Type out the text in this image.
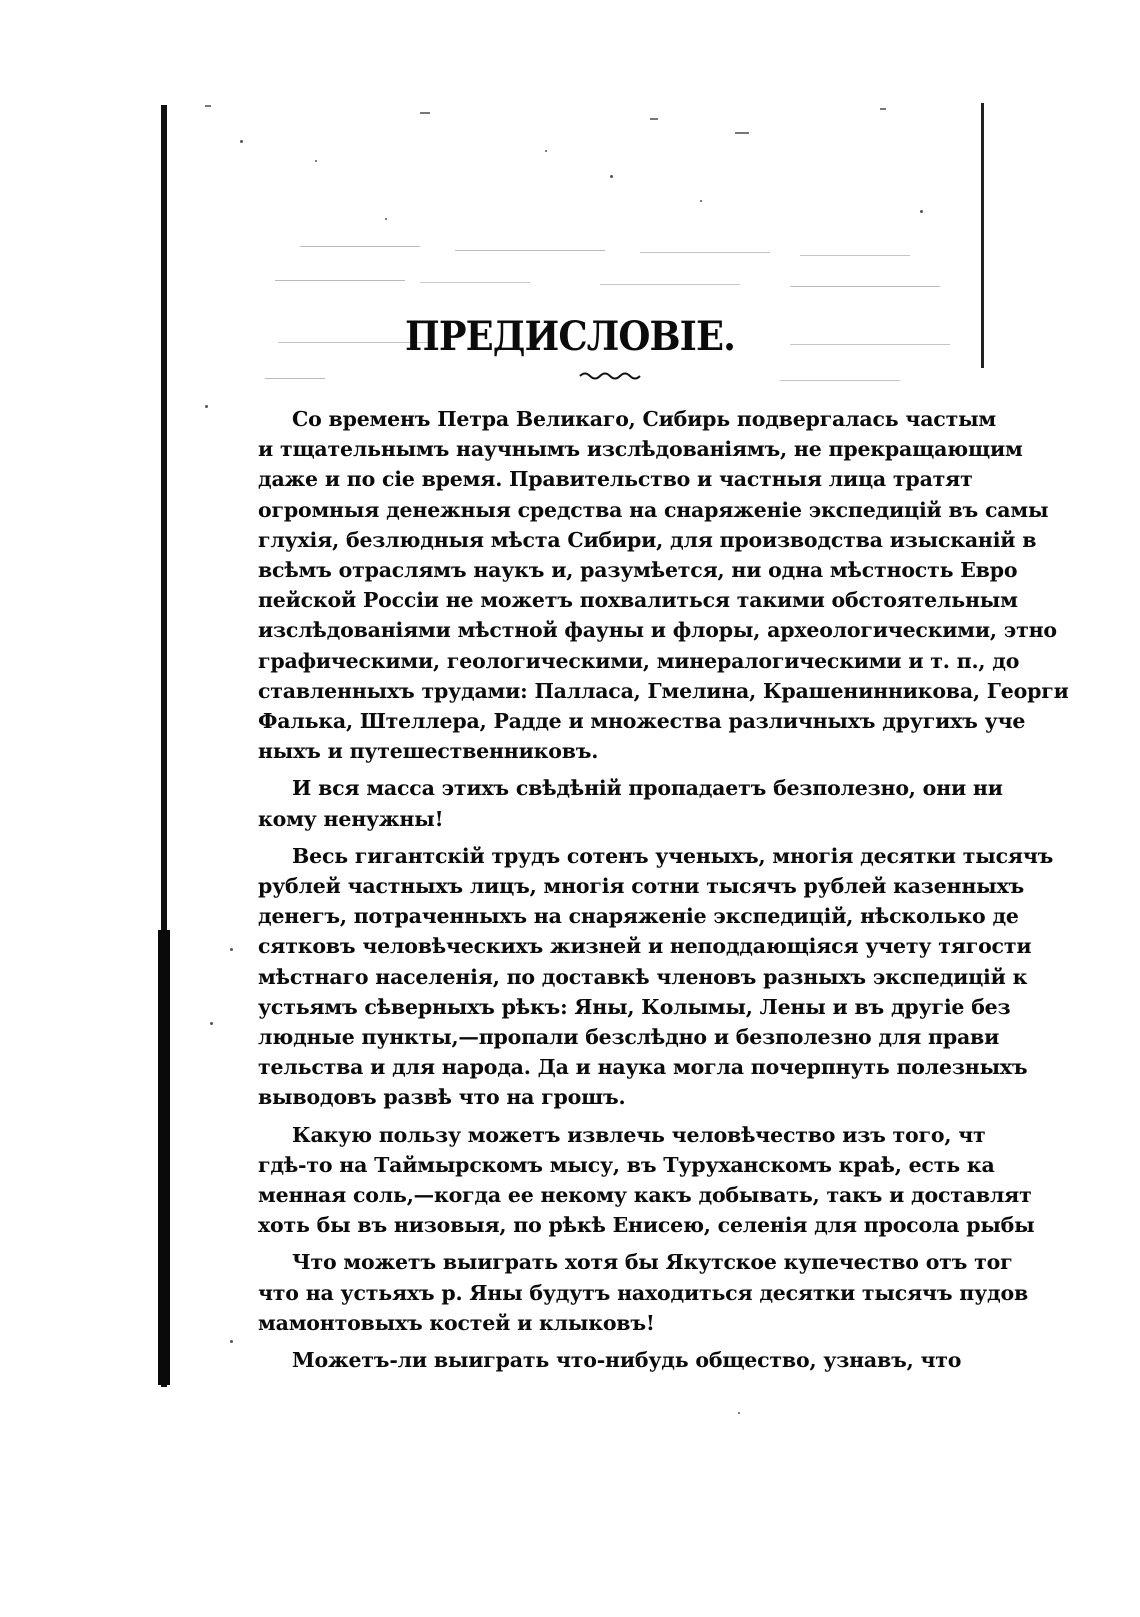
ПРЕДИСЛОВІЕ.

Со временъ Петра Великаго, Сибирь подвергалась частым
и тщательнымъ научнымъ изслѣдованіямъ, не прекращающим
даже и по сіе время. Правительство и частныя лица тратят
огромныя денежныя средства на снаряженіе экспедицій въ самы
глухія, безлюдныя мѣста Сибири, для производства изысканій в
всѣмъ отраслямъ наукъ и, разумѣется, ни одна мѣстность Евро
пейской Россіи не можетъ похвалиться такими обстоятельным
изслѣдованіями мѣстной фауны и флоры, археологическими, этно
графическими, геологическими, минералогическими и т. п., до
ставленныхъ трудами: Палласа, Гмелина, Крашенинникова, Георги
Фалька, Штеллера, Радде и множества различныхъ другихъ уче
ныхъ и путешественниковъ.

И вся масса этихъ свѣдѣній пропадаетъ безполезно, они ни
кому ненужны!

Весь гигантскій трудъ сотенъ ученыхъ, многія десятки тысячъ
рублей частныхъ лицъ, многія сотни тысячъ рублей казенныхъ
денегъ, потраченныхъ на снаряженіе экспедицій, нѣсколько де
сятковъ человѣческихъ жизней и неподдающіяся учету тягости
мѣстнаго населенія, по доставкѣ членовъ разныхъ экспедицій к
устьямъ сѣверныхъ рѣкъ: Яны, Колымы, Лены и въ другіе без
людные пункты,—пропали безслѣдно и безполезно для прави
тельства и для народа. Да и наука могла почерпнуть полезныхъ
выводовъ развѣ что на грошъ.

Какую пользу можетъ извлечь человѣчество изъ того, чт
гдѣ-то на Таймырскомъ мысу, въ Туруханскомъ краѣ, есть ка
менная соль,—когда ее некому какъ добывать, такъ и доставлят
хоть бы въ низовыя, по рѣкѣ Енисею, селенія для просола рыбы

Что можетъ выиграть хотя бы Якутское купечество отъ тог
что на устьяхъ р. Яны будутъ находиться десятки тысячъ пудов
мамонтовыхъ костей и клыковъ!

Можетъ-ли выиграть что-нибудь общество, узнавъ, что
